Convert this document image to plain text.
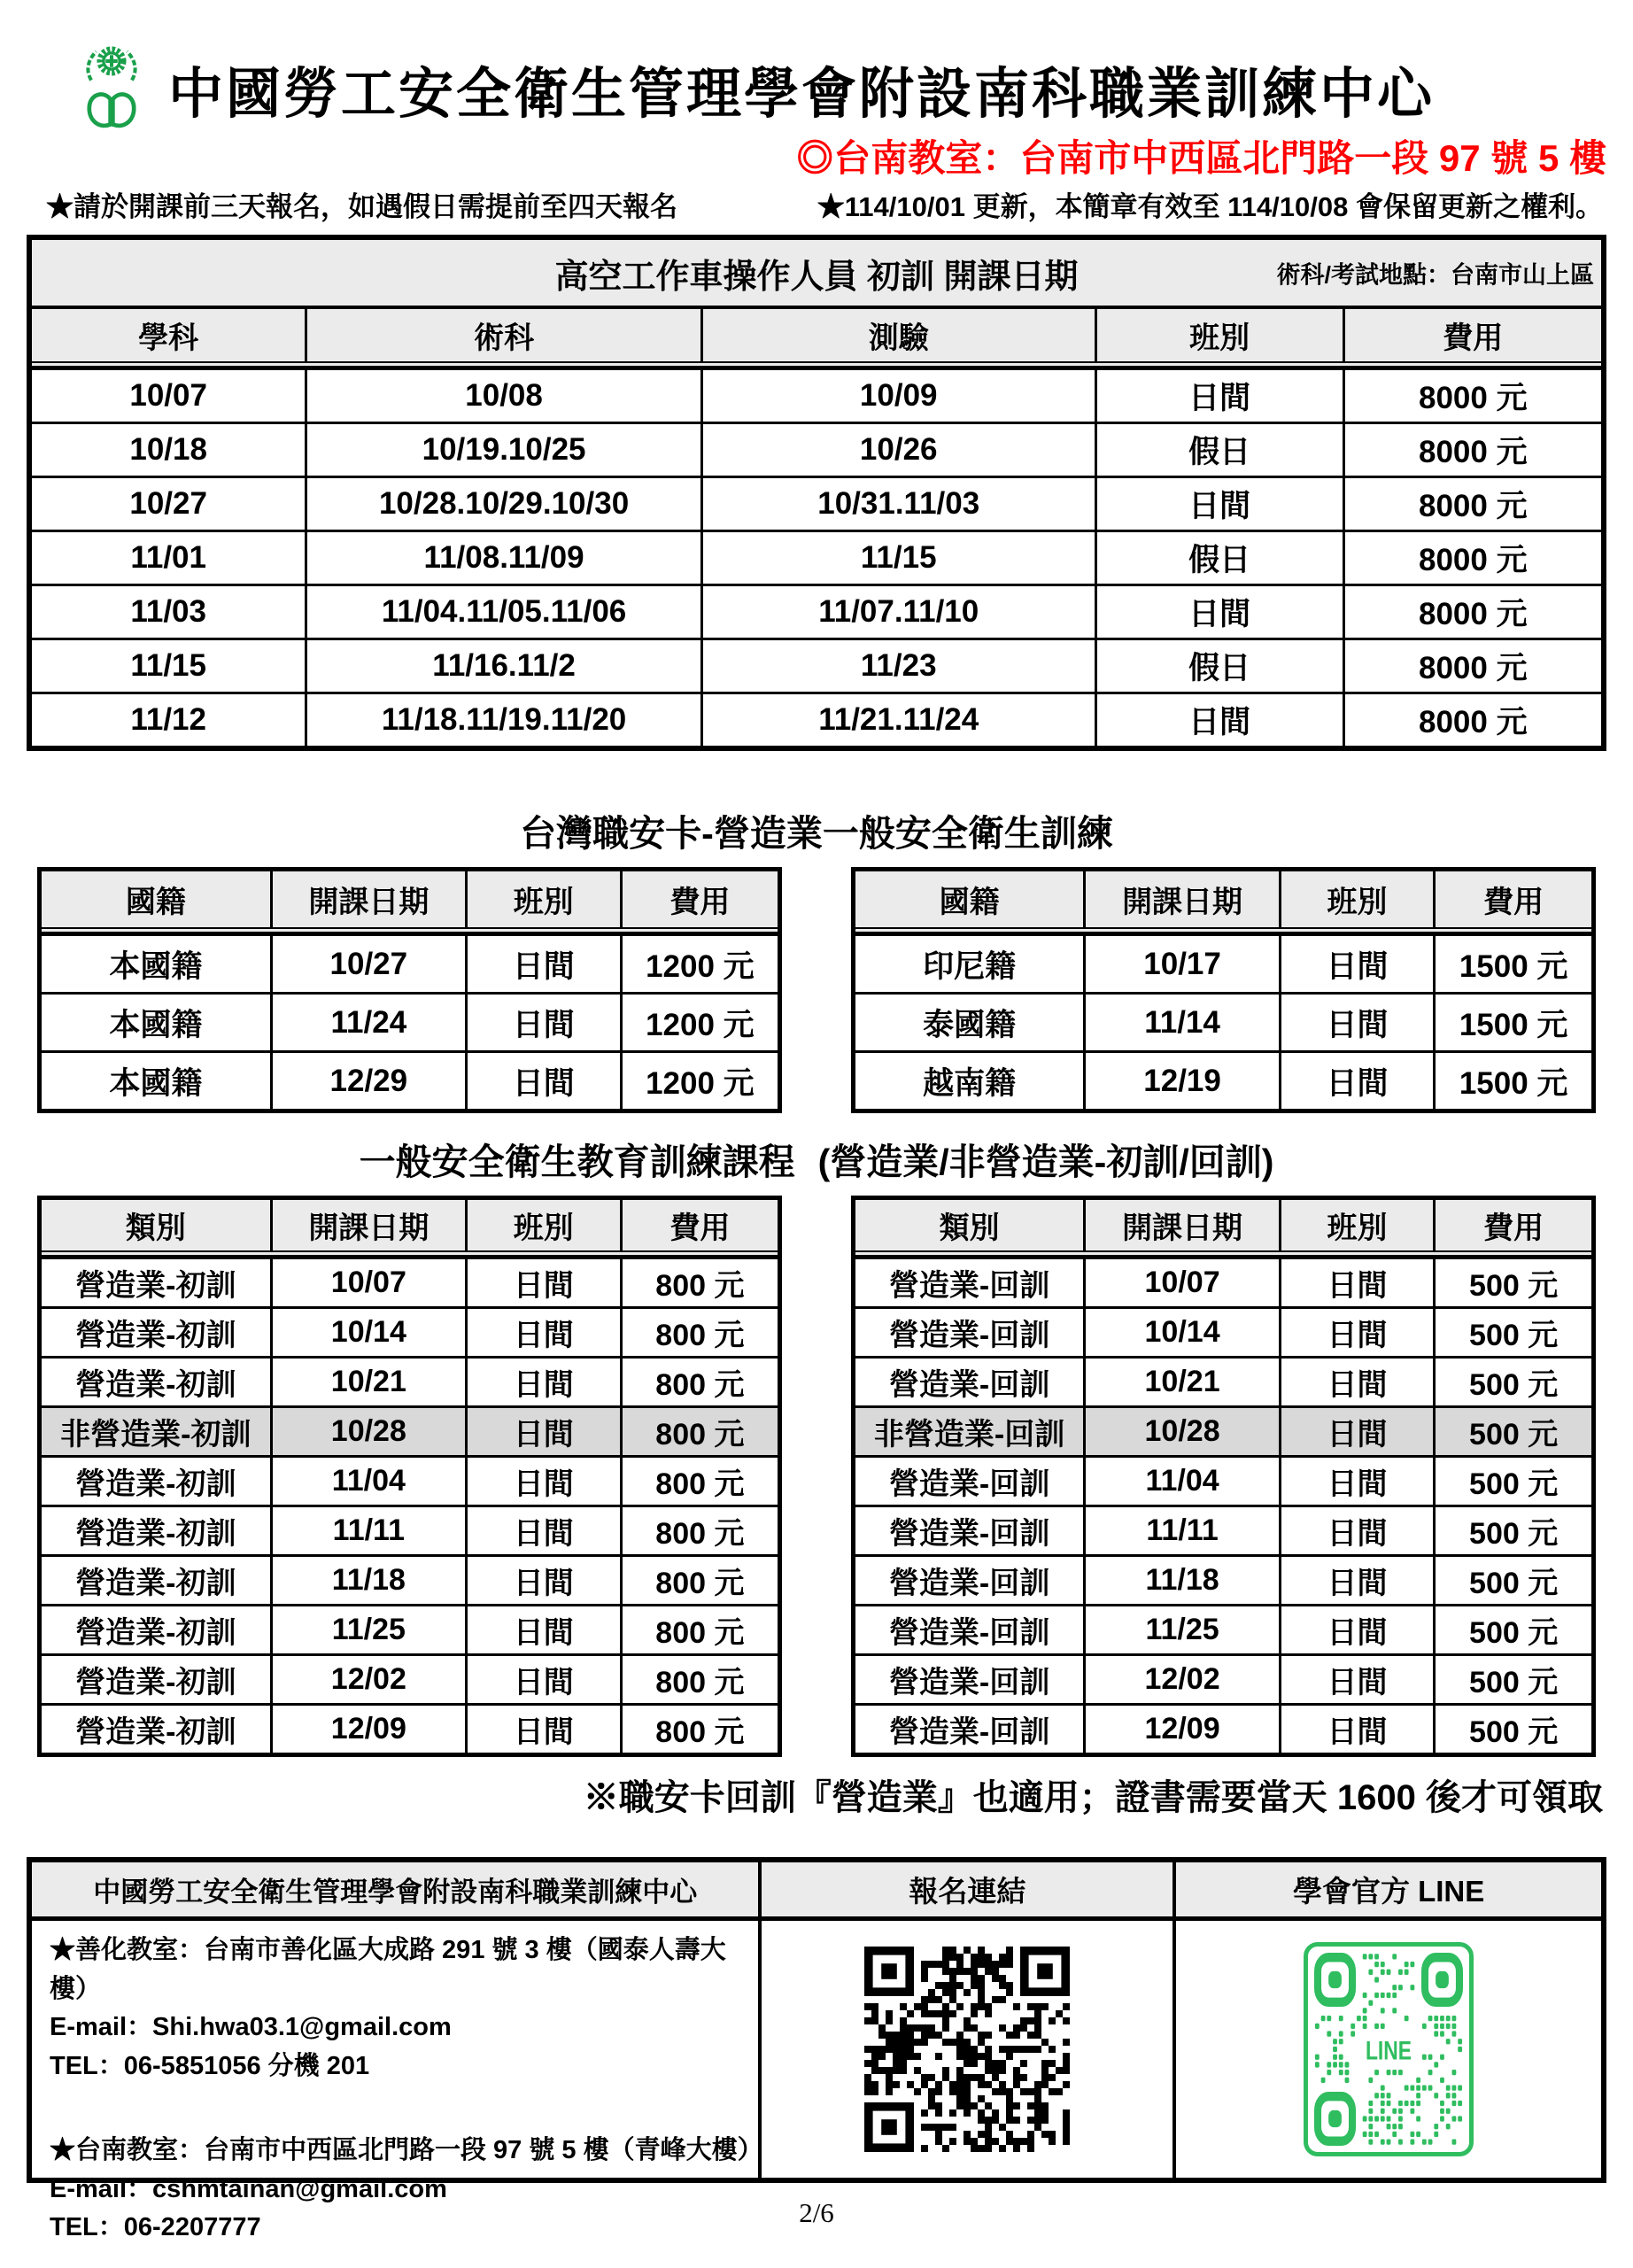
中國勞工安全衛生管理學會附設南科職業訓練中心
◎台南教室：台南市中西區北門路一段 97 號 5 樓
★請於開課前三天報名，如遇假日需提前至四天報名	★114/10/01 更新，本簡章有效至 114/10/08 會保留更新之權利。
高空工作車操作人員 初訓 開課日期	術科/考試地點：台南市山上區
學科	術科	測驗	班別	費用
10/07	10/08	10/09	日間	8000 元
10/18	10/19.10/25	10/26	假日	8000 元
10/27	10/28.10/29.10/30	10/31.11/03	日間	8000 元
11/01	11/08.11/09	11/15	假日	8000 元
11/03	11/04.11/05.11/06	11/07.11/10	日間	8000 元
11/15	11/16.11/2	11/23	假日	8000 元
11/12	11/18.11/19.11/20	11/21.11/24	日間	8000 元
台灣職安卡-營造業一般安全衛生訓練
國籍	開課日期	班別	費用
本國籍	10/27	日間	1200 元
本國籍	11/24	日間	1200 元
本國籍	12/29	日間	1200 元
國籍	開課日期	班別	費用
印尼籍	10/17	日間	1500 元
泰國籍	11/14	日間	1500 元
越南籍	12/19	日間	1500 元
一般安全衛生教育訓練課程 (營造業/非營造業-初訓/回訓)
類別	開課日期	班別	費用
營造業-初訓	10/07	日間	800 元
營造業-初訓	10/14	日間	800 元
營造業-初訓	10/21	日間	800 元
非營造業-初訓	10/28	日間	800 元
營造業-初訓	11/04	日間	800 元
營造業-初訓	11/11	日間	800 元
營造業-初訓	11/18	日間	800 元
營造業-初訓	11/25	日間	800 元
營造業-初訓	12/02	日間	800 元
營造業-初訓	12/09	日間	800 元
類別	開課日期	班別	費用
營造業-回訓	10/07	日間	500 元
營造業-回訓	10/14	日間	500 元
營造業-回訓	10/21	日間	500 元
非營造業-回訓	10/28	日間	500 元
營造業-回訓	11/04	日間	500 元
營造業-回訓	11/11	日間	500 元
營造業-回訓	11/18	日間	500 元
營造業-回訓	11/25	日間	500 元
營造業-回訓	12/02	日間	500 元
營造業-回訓	12/09	日間	500 元
※職安卡回訓『營造業』也適用；證書需要當天 1600 後才可領取
中國勞工安全衛生管理學會附設南科職業訓練中心	報名連結	學會官方 LINE
★善化教室：台南市善化區大成路 291 號 3 樓（國泰人壽大樓）
E-mail：Shi.hwa03.1@gmail.com
TEL：06-5851056 分機 201
★台南教室：台南市中西區北門路一段 97 號 5 樓（青峰大樓）
E-mail：cshmtainan@gmail.com
TEL：06-2207777
LINE
2/6
